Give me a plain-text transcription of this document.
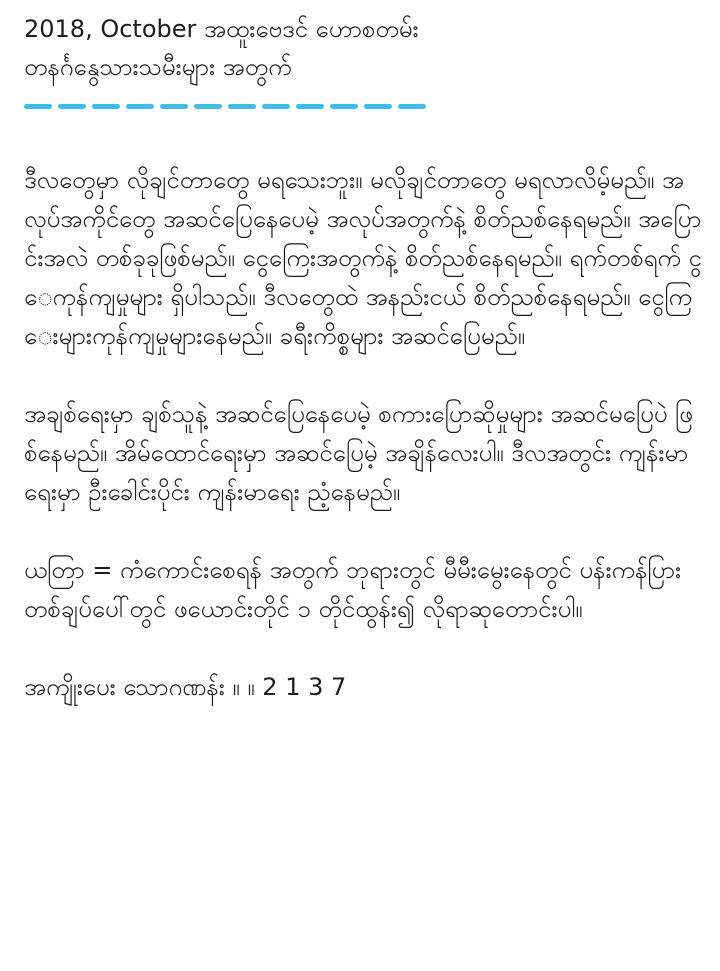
2018, October အထူးဗေဒင် ဟောစတမ်း
တနင်္ဂနွေသားသမီးများ အတွက်

ဒီလတွေမှာ လိုချင်တာတွေ မရသေးဘူး။ မလိုချင်တာတွေ မရလာလိမ့်မည်။ အလုပ်အကိုင်တွေ အဆင်ပြေနေပေမဲ့ အလုပ်အတွက်နဲ့ စိတ်ညစ်နေရမည်။ အပြောင်းအလဲ တစ်ခုခုဖြစ်မည်။ ငွေကြေးအတွက်နဲ့ စိတ်ညစ်နေရမည်။ ရက်တစ်ရက် ငွေကုန်ကျမှုများ ရှိပါသည်။ ဒီလတွေထဲ အနည်းငယ် စိတ်ညစ်နေရမည်။ ငွေကြေးများကုန်ကျမှုများနေမည်။ ခရီးကိစ္စများ အဆင်ပြေမည်။

အချစ်ရေးမှာ ချစ်သူနဲ့ အဆင်ပြေနေပေမဲ့ စကားပြောဆိုမှုများ အဆင်မပြေပဲ ဖြစ်နေမည်။ အိမ်ထောင်ရေးမှာ အဆင်ပြေမဲ့ အချိန်လေးပါ။ ဒီလအတွင်း ကျန်းမာ ရေးမှာ ဦးခေါင်းပိုင်း ကျန်းမာရေး ညံ့နေမည်။

ယတြာ = ကံကောင်းစေရန် အတွက် ဘုရားတွင် မီမီးမွေးနေတွင် ပန်းကန်ပြား တစ်ချပ်ပေါ်တွင် ဖယောင်းတိုင် ၁ တိုင်ထွန်း၍ လိုရာဆုတောင်းပါ။

အကျိုးပေး သောဂဏန်း ။ ။ 2 1 3 7
